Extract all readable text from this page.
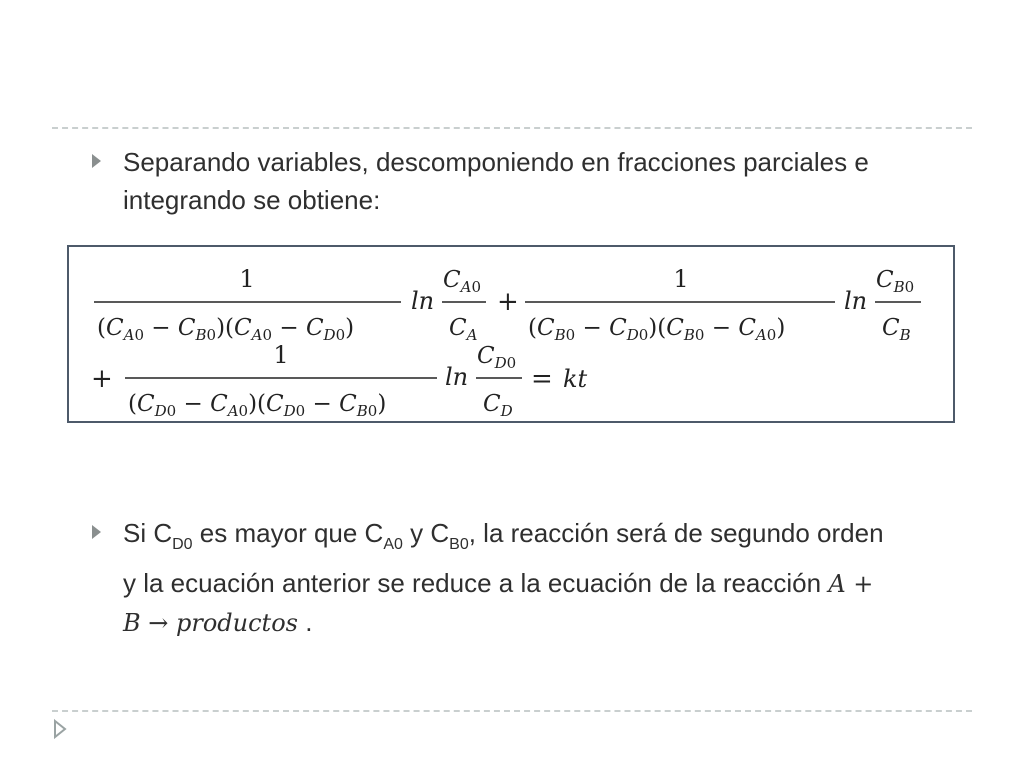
Separando variables, descomponiendo en fracciones parciales e
integrando se obtiene:
1
$(C_A0 - C_B0)(C_A0 - C_D0)$
ln
$C_A0$
$C_A$
+
1
$(C_B0 - C_D0)(C_B0 - C_A0)$
ln
$C_B0$
$C_B$
+
1
$(C_D0 - C_A0)(C_D0 - C_B0)$
ln
$C_D0$
$C_D$
= kt
Si $C_{D0}$ es mayor que $C_{A0}$ y $C_{B0}$, la reacción será de segundo orden
y la ecuación anterior se reduce a la ecuación de la reacción A +
B → productos .
